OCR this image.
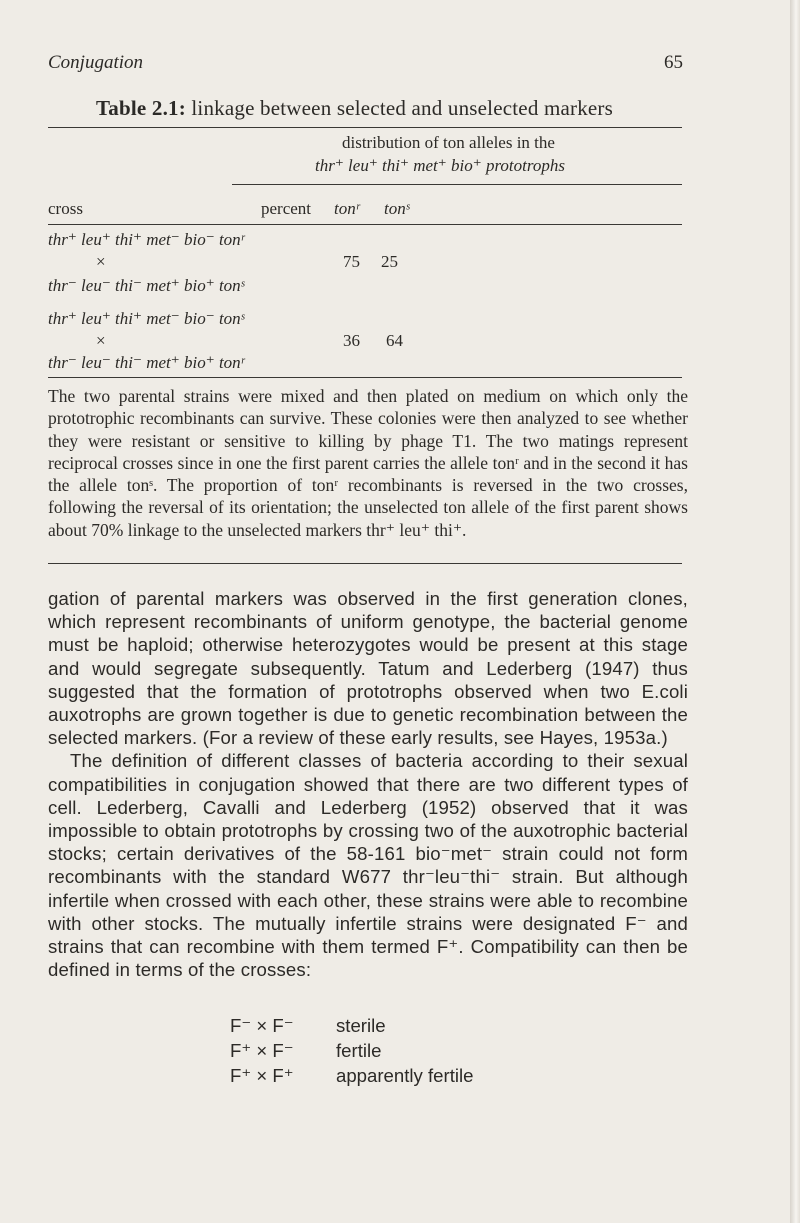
Conjugation	65
Table 2.1: linkage between selected and unselected markers
distribution of ton alleles in the
thr⁺ leu⁺ thi⁺ met⁺ bio⁺ prototrophs
cross	percent tonʳ tonˢ
thr⁺ leu⁺ thi⁺ met⁻ bio⁻ tonʳ
×	75 25
thr⁻ leu⁻ thi⁻ met⁺ bio⁺ tonˢ
thr⁺ leu⁺ thi⁺ met⁻ bio⁻ tonˢ
×	36 64
thr⁻ leu⁻ thi⁻ met⁺ bio⁺ tonʳ
The two parental strains were mixed and then plated on medium on which only the prototrophic recombinants can survive. These colonies were then analyzed to see whether they were resistant or sensitive to killing by phage T1. The two matings represent reciprocal crosses since in one the first parent carries the allele tonʳ and in the second it has the allele tonˢ. The proportion of tonʳ recombinants is reversed in the two crosses, following the reversal of its orientation; the unselected ton allele of the first parent shows about 70% linkage to the unselected markers thr⁺ leu⁺ thi⁺.

gation of parental markers was observed in the first generation clones, which represent recombinants of uniform genotype, the bacterial genome must be haploid; otherwise heterozygotes would be present at this stage and would segregate subsequently. Tatum and Lederberg (1947) thus suggested that the formation of prototrophs observed when two E.coli auxotrophs are grown together is due to genetic recombination between the selected markers. (For a review of these early results, see Hayes, 1953a.)

The definition of different classes of bacteria according to their sexual compatibilities in conjugation showed that there are two different types of cell. Lederberg, Cavalli and Lederberg (1952) observed that it was impossible to obtain prototrophs by crossing two of the auxotrophic bacterial stocks; certain derivatives of the 58-161 bio⁻met⁻ strain could not form recombinants with the standard W677 thr⁻leu⁻thi⁻ strain. But although infertile when crossed with each other, these strains were able to recombine with other stocks. The mutually infertile strains were designated F⁻ and strains that can recombine with them termed F⁺. Compatibility can then be defined in terms of the crosses:

F⁻ × F⁻	sterile
F⁺ × F⁻	fertile
F⁺ × F⁺	apparently fertile
